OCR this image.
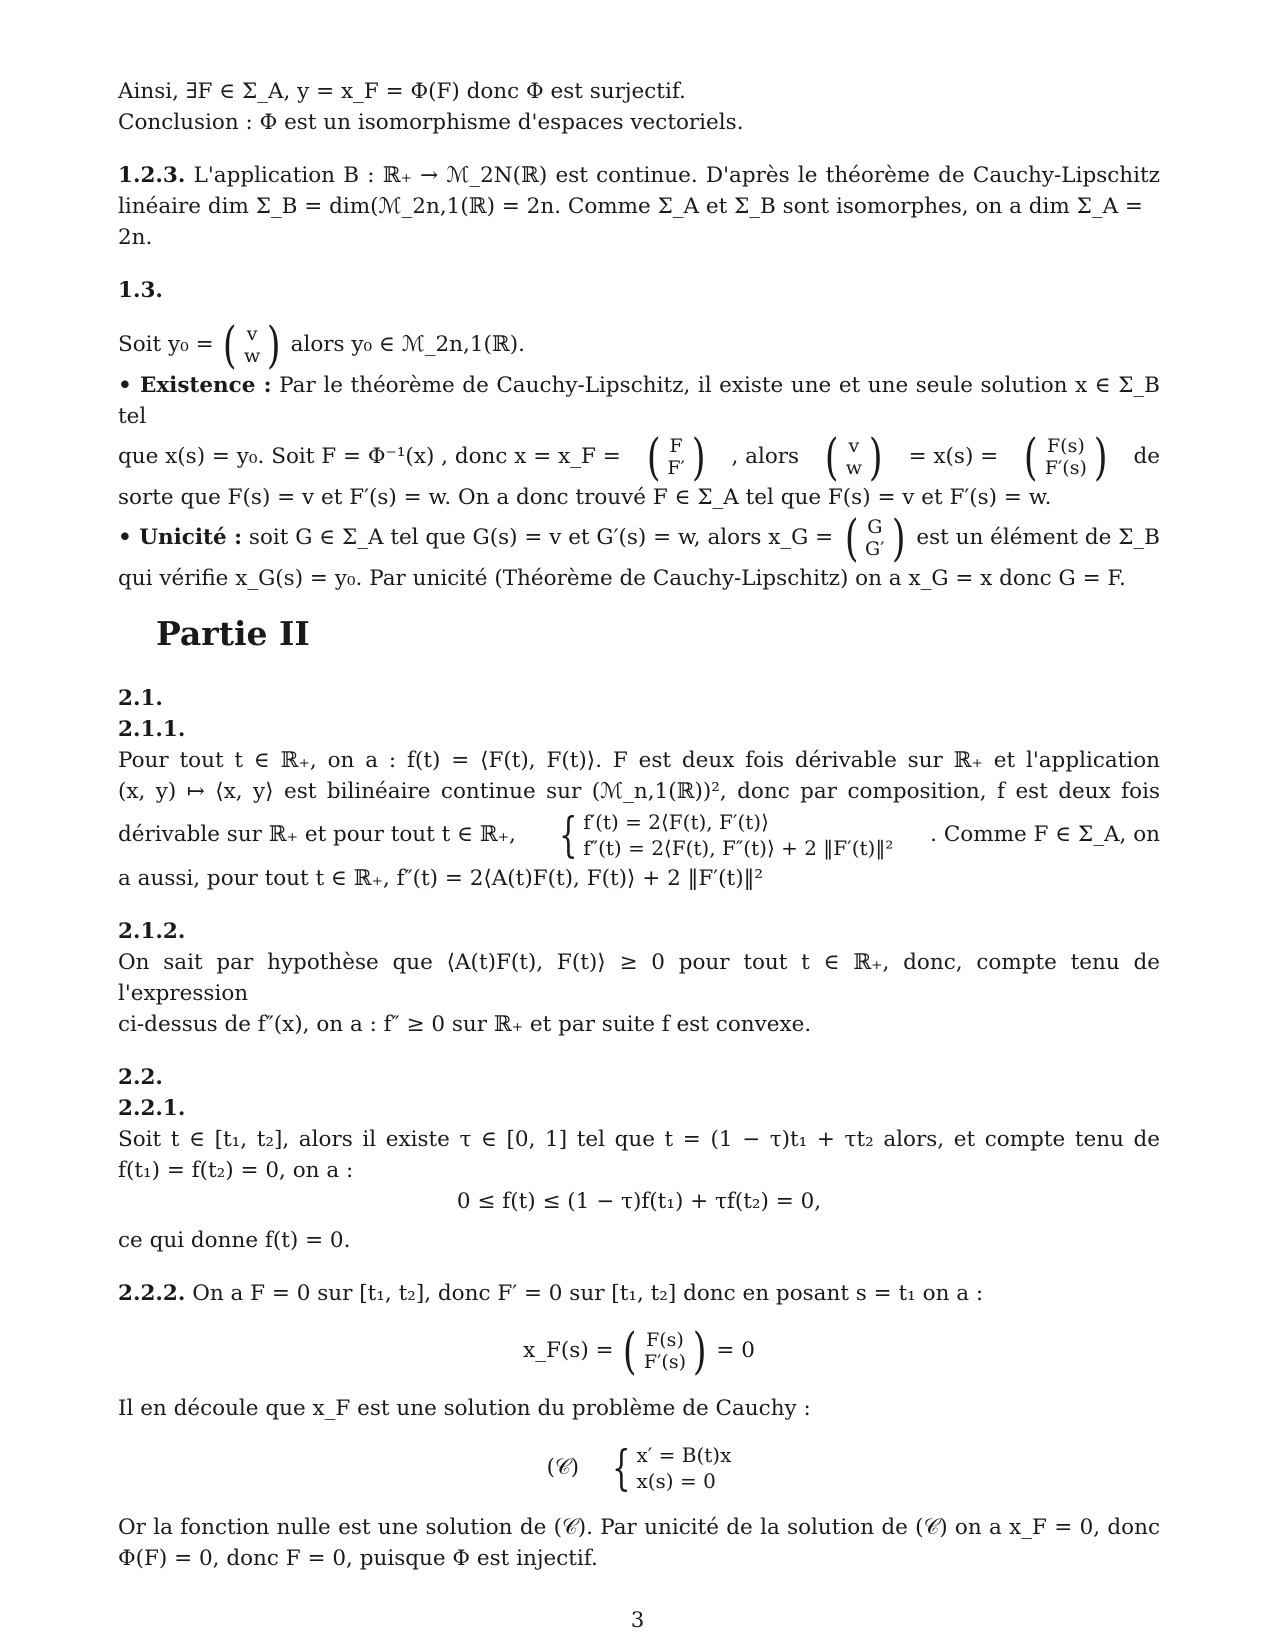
Ainsi, ∃F ∈ Σ_A, y = x_F = Φ(F) donc Φ est surjectif.

Conclusion : Φ est un isomorphisme d'espaces vectoriels.

1.2.3. L'application B : ℝ₊ → ℳ_2N(ℝ) est continue. D'après le théorème de Cauchy-Lipschitz

linéaire dim Σ_B = dim(ℳ_2n,1(ℝ) = 2n. Comme Σ_A et Σ_B sont isomorphes, on a dim Σ_A = 2n.

1.3.

Soit y₀ = ( v
w ) alors y₀ ∈ ℳ_2n,1(ℝ).

• Existence : Par le théorème de Cauchy-Lipschitz, il existe une et une seule solution x ∈ Σ_B tel

que x(s) = y₀. Soit F = Φ⁻¹(x) , donc x = x_F = ( F
F′ ) , alors ( v
w ) = x(s) = ( F(s)
F′(s) ) de

sorte que F(s) = v et F′(s) = w. On a donc trouvé F ∈ Σ_A tel que F(s) = v et F′(s) = w.

• Unicité : soit G ∈ Σ_A tel que G(s) = v et G′(s) = w, alors x_G = ( G
G′ ) est un élément de Σ_B

qui vérifie x_G(s) = y₀. Par unicité (Théorème de Cauchy-Lipschitz) on a x_G = x donc G = F.

Partie II

2.1.

2.1.1.

Pour tout t ∈ ℝ₊, on a : f(t) = ⟨F(t), F(t)⟩. F est deux fois dérivable sur ℝ₊ et l'application

(x, y) ↦ ⟨x, y⟩ est bilinéaire continue sur (ℳ_n,1(ℝ))², donc par composition, f est deux fois

dérivable sur ℝ₊ et pour tout t ∈ ℝ₊, { f′(t) = 2⟨F(t), F′(t)⟩
f″(t) = 2⟨F(t), F″(t)⟩ + 2 ‖F′(t)‖²
. Comme F ∈ Σ_A, on

a aussi, pour tout t ∈ ℝ₊, f″(t) = 2⟨A(t)F(t), F(t)⟩ + 2 ‖F′(t)‖²

2.1.2.

On sait par hypothèse que ⟨A(t)F(t), F(t)⟩ ≥ 0 pour tout t ∈ ℝ₊, donc, compte tenu de l'expression

ci-dessus de f″(x), on a : f″ ≥ 0 sur ℝ₊ et par suite f est convexe.

2.2.

2.2.1.

Soit t ∈ [t₁, t₂], alors il existe τ ∈ [0, 1] tel que t = (1 − τ)t₁ + τt₂ alors, et compte tenu de

f(t₁) = f(t₂) = 0, on a :

0 ≤ f(t) ≤ (1 − τ)f(t₁) + τf(t₂) = 0,

ce qui donne f(t) = 0.

2.2.2. On a F = 0 sur [t₁, t₂], donc F′ = 0 sur [t₁, t₂] donc en posant s = t₁ on a :

x_F(s) = ( F(s)
F′(s) ) = 0

Il en découle que x_F est une solution du problème de Cauchy :

(𝒞) { x′ = B(t)x
x(s) = 0

Or la fonction nulle est une solution de (𝒞). Par unicité de la solution de (𝒞) on a x_F = 0, donc

Φ(F) = 0, donc F = 0, puisque Φ est injectif.

3
